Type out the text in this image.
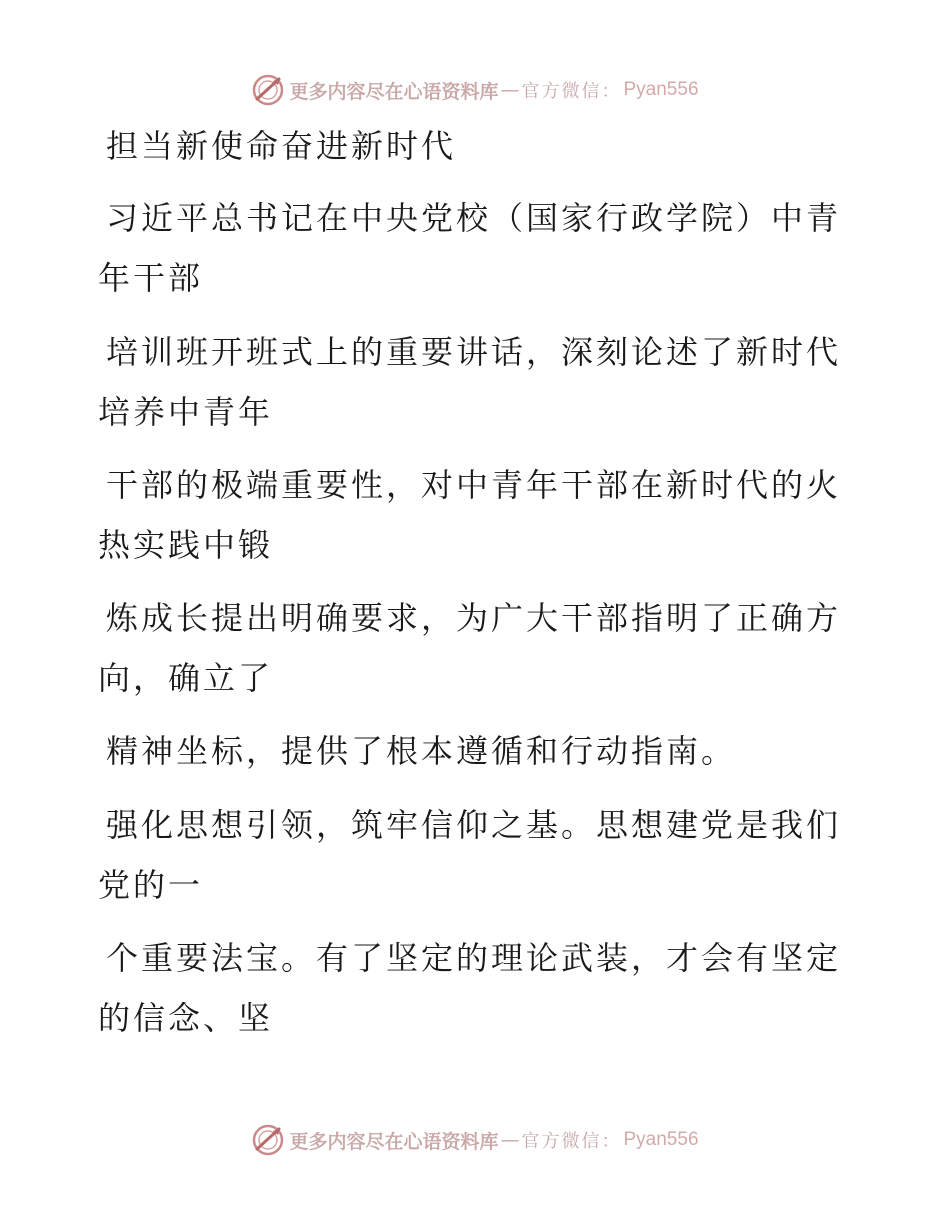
更多内容尽在心语资料库 — 官方微信： Pyan556
担当新使命奋进新时代
习近平总书记在中央党校（国家行政学院）中青
年干部
培训班开班式上的重要讲话，深刻论述了新时代
培养中青年
干部的极端重要性，对中青年干部在新时代的火
热实践中锻
炼成长提出明确要求，为广大干部指明了正确方
向，确立了
精神坐标，提供了根本遵循和行动指南。
强化思想引领，筑牢信仰之基。思想建党是我们
党的一
个重要法宝。有了坚定的理论武装，才会有坚定
的信念、坚
更多内容尽在心语资料库 — 官方微信： Pyan556
